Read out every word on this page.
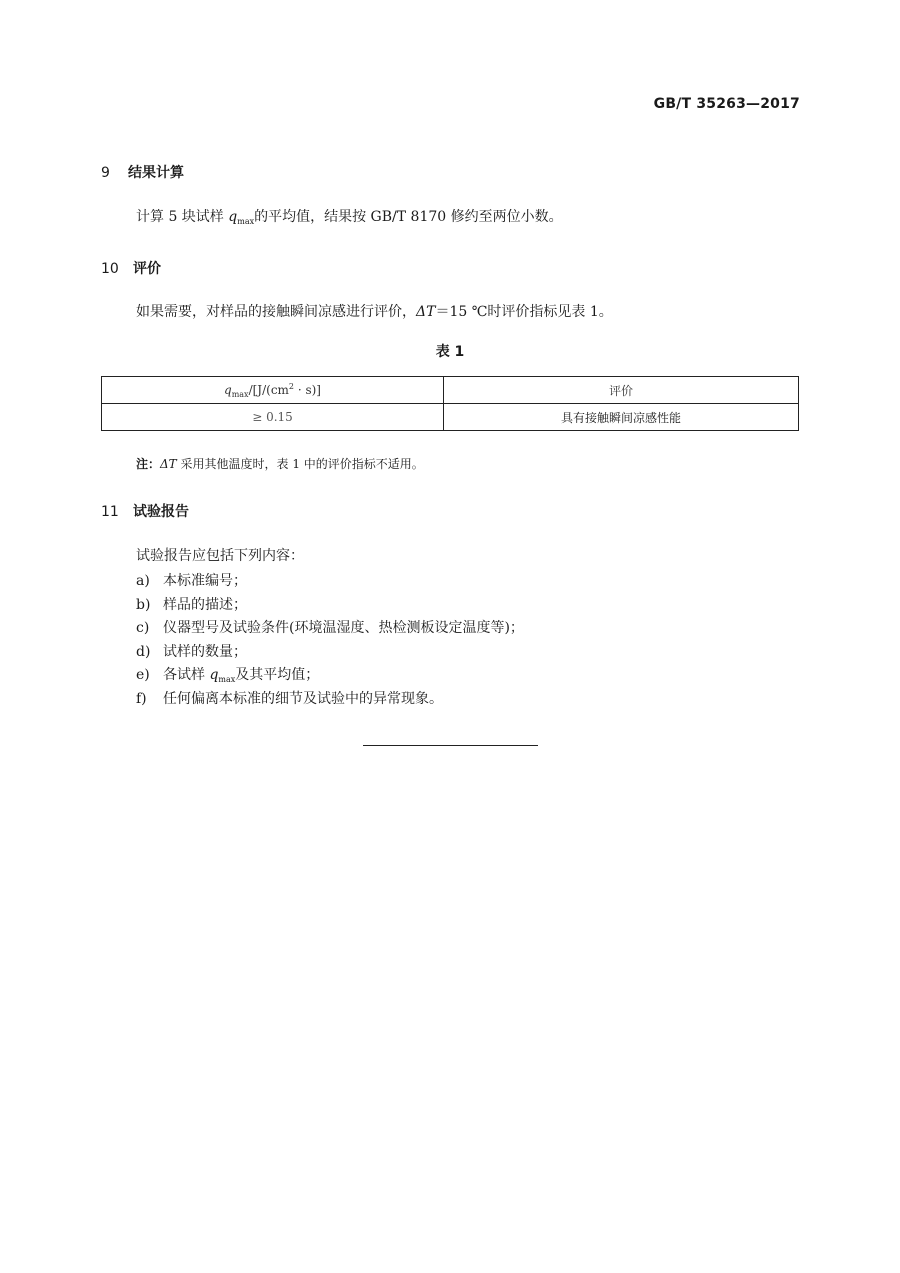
GB/T 35263—2017
9 结果计算
计算 5 块试样 $q_{max}$的平均值，结果按 GB/T 8170 修约至两位小数。
10 评价
如果需要，对样品的接触瞬间凉感进行评价，ΔT＝15 ℃时评价指标见表 1。
表 1
$q_{max}/[J/(cm^2 \cdot s)]$	评价
≥ 0.15	具有接触瞬间凉感性能
注：ΔT 采用其他温度时，表 1 中的评价指标不适用。
11 试验报告
试验报告应包括下列内容：
a) 本标准编号；
b) 样品的描述；
c) 仪器型号及试验条件(环境温湿度、热检测板设定温度等)；
d) 试样的数量；
e) 各试样 $q_{max}$及其平均值；
f) 任何偏离本标准的细节及试验中的异常现象。
